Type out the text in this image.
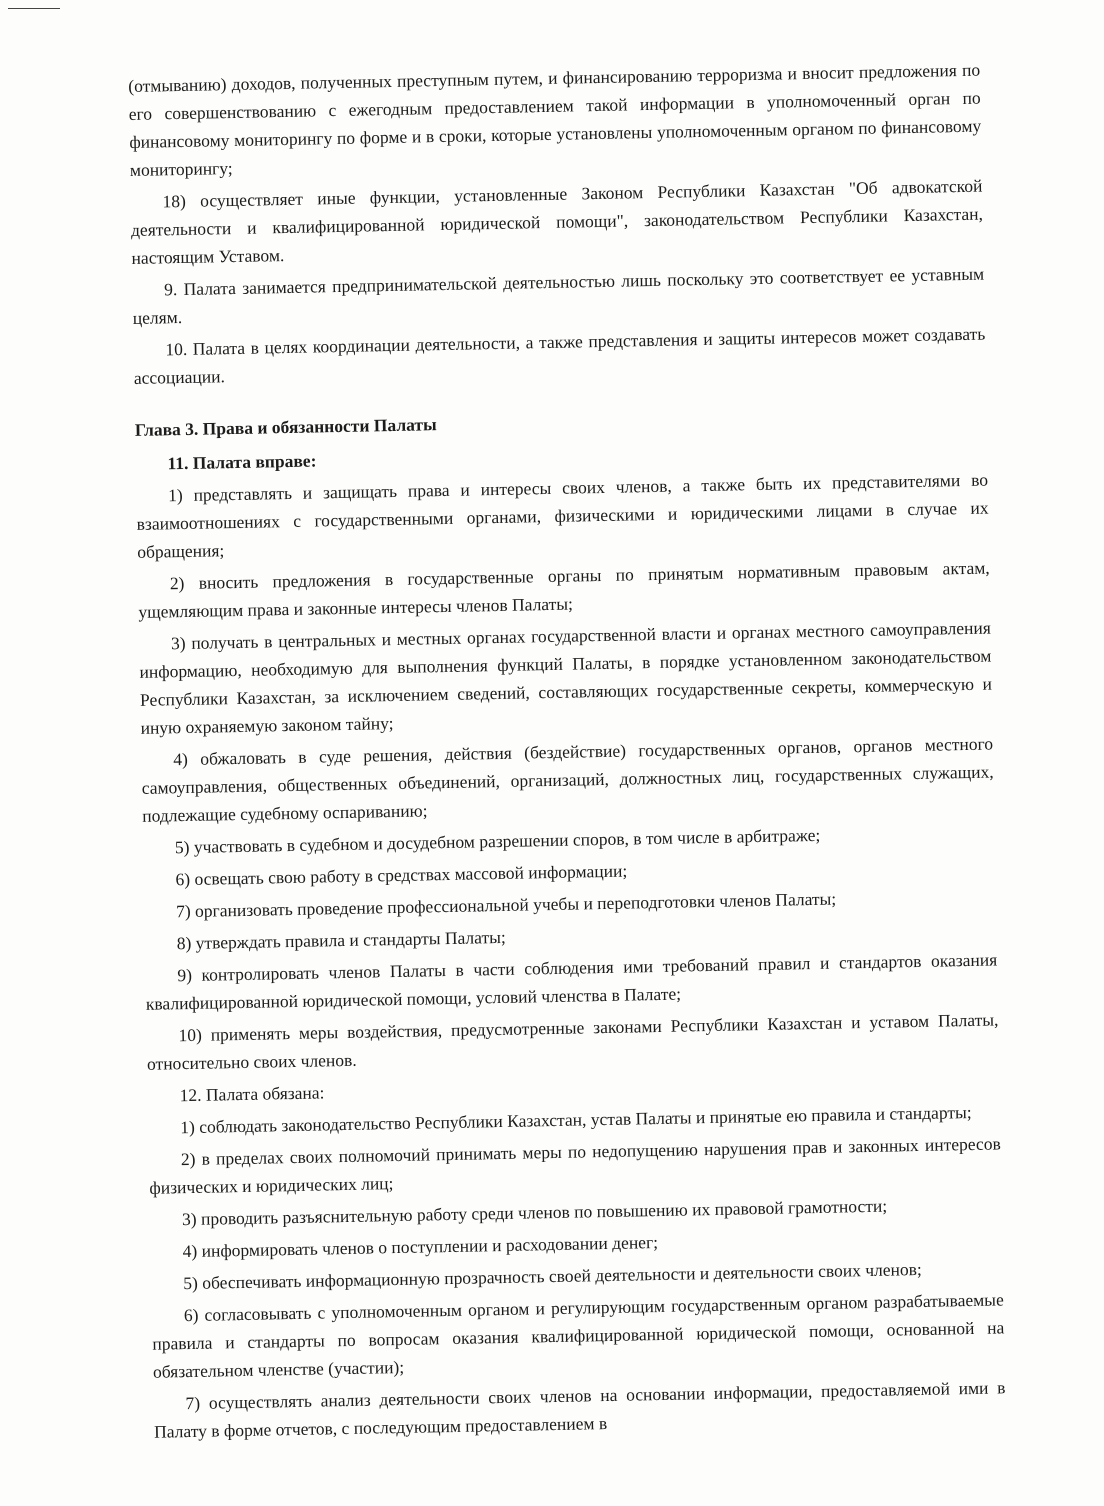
(отмыванию) доходов, полученных преступным путем, и финансированию терроризма и вносит предложения по его совершенствованию с ежегодным предоставлением такой информации в уполномоченный орган по финансовому мониторингу по форме и в сроки, которые установлены уполномоченным органом по финансовому мониторингу;

18) осуществляет иные функции, установленные Законом Республики Казахстан "Об адвокатской деятельности и квалифицированной юридической помощи", законодательством Республики Казахстан, настоящим Уставом.

9. Палата занимается предпринимательской деятельностью лишь поскольку это соответствует ее уставным целям.

10. Палата в целях координации деятельности, а также представления и защиты интересов может создавать ассоциации.

Глава 3. Права и обязанности Палаты

11. Палата вправе:

1) представлять и защищать права и интересы своих членов, а также быть их представителями во взаимоотношениях с государственными органами, физическими и юридическими лицами в случае их обращения;

2) вносить предложения в государственные органы по принятым нормативным правовым актам, ущемляющим права и законные интересы членов Палаты;

3) получать в центральных и местных органах государственной власти и органах местного самоуправления информацию, необходимую для выполнения функций Палаты, в порядке установленном законодательством Республики Казахстан, за исключением сведений, составляющих государственные секреты, коммерческую и иную охраняемую законом тайну;

4) обжаловать в суде решения, действия (бездействие) государственных органов, органов местного самоуправления, общественных объединений, организаций, должностных лиц, государственных служащих, подлежащие судебному оспариванию;

5) участвовать в судебном и досудебном разрешении споров, в том числе в арбитраже;

6) освещать свою работу в средствах массовой информации;

7) организовать проведение профессиональной учебы и переподготовки членов Палаты;

8) утверждать правила и стандарты Палаты;

9) контролировать членов Палаты в части соблюдения ими требований правил и стандартов оказания квалифицированной юридической помощи, условий членства в Палате;

10) применять меры воздействия, предусмотренные законами Республики Казахстан и уставом Палаты, относительно своих членов.

12. Палата обязана:

1) соблюдать законодательство Республики Казахстан, устав Палаты и принятые ею правила и стандарты;

2) в пределах своих полномочий принимать меры по недопущению нарушения прав и законных интересов физических и юридических лиц;

3) проводить разъяснительную работу среди членов по повышению их правовой грамотности;

4) информировать членов о поступлении и расходовании денег;

5) обеспечивать информационную прозрачность своей деятельности и деятельности своих членов;

6) согласовывать с уполномоченным органом и регулирующим государственным органом разрабатываемые правила и стандарты по вопросам оказания квалифицированной юридической помощи, основанной на обязательном членстве (участии);

7) осуществлять анализ деятельности своих членов на основании информации, предоставляемой ими в Палату в форме отчетов, с последующим предоставлением в
